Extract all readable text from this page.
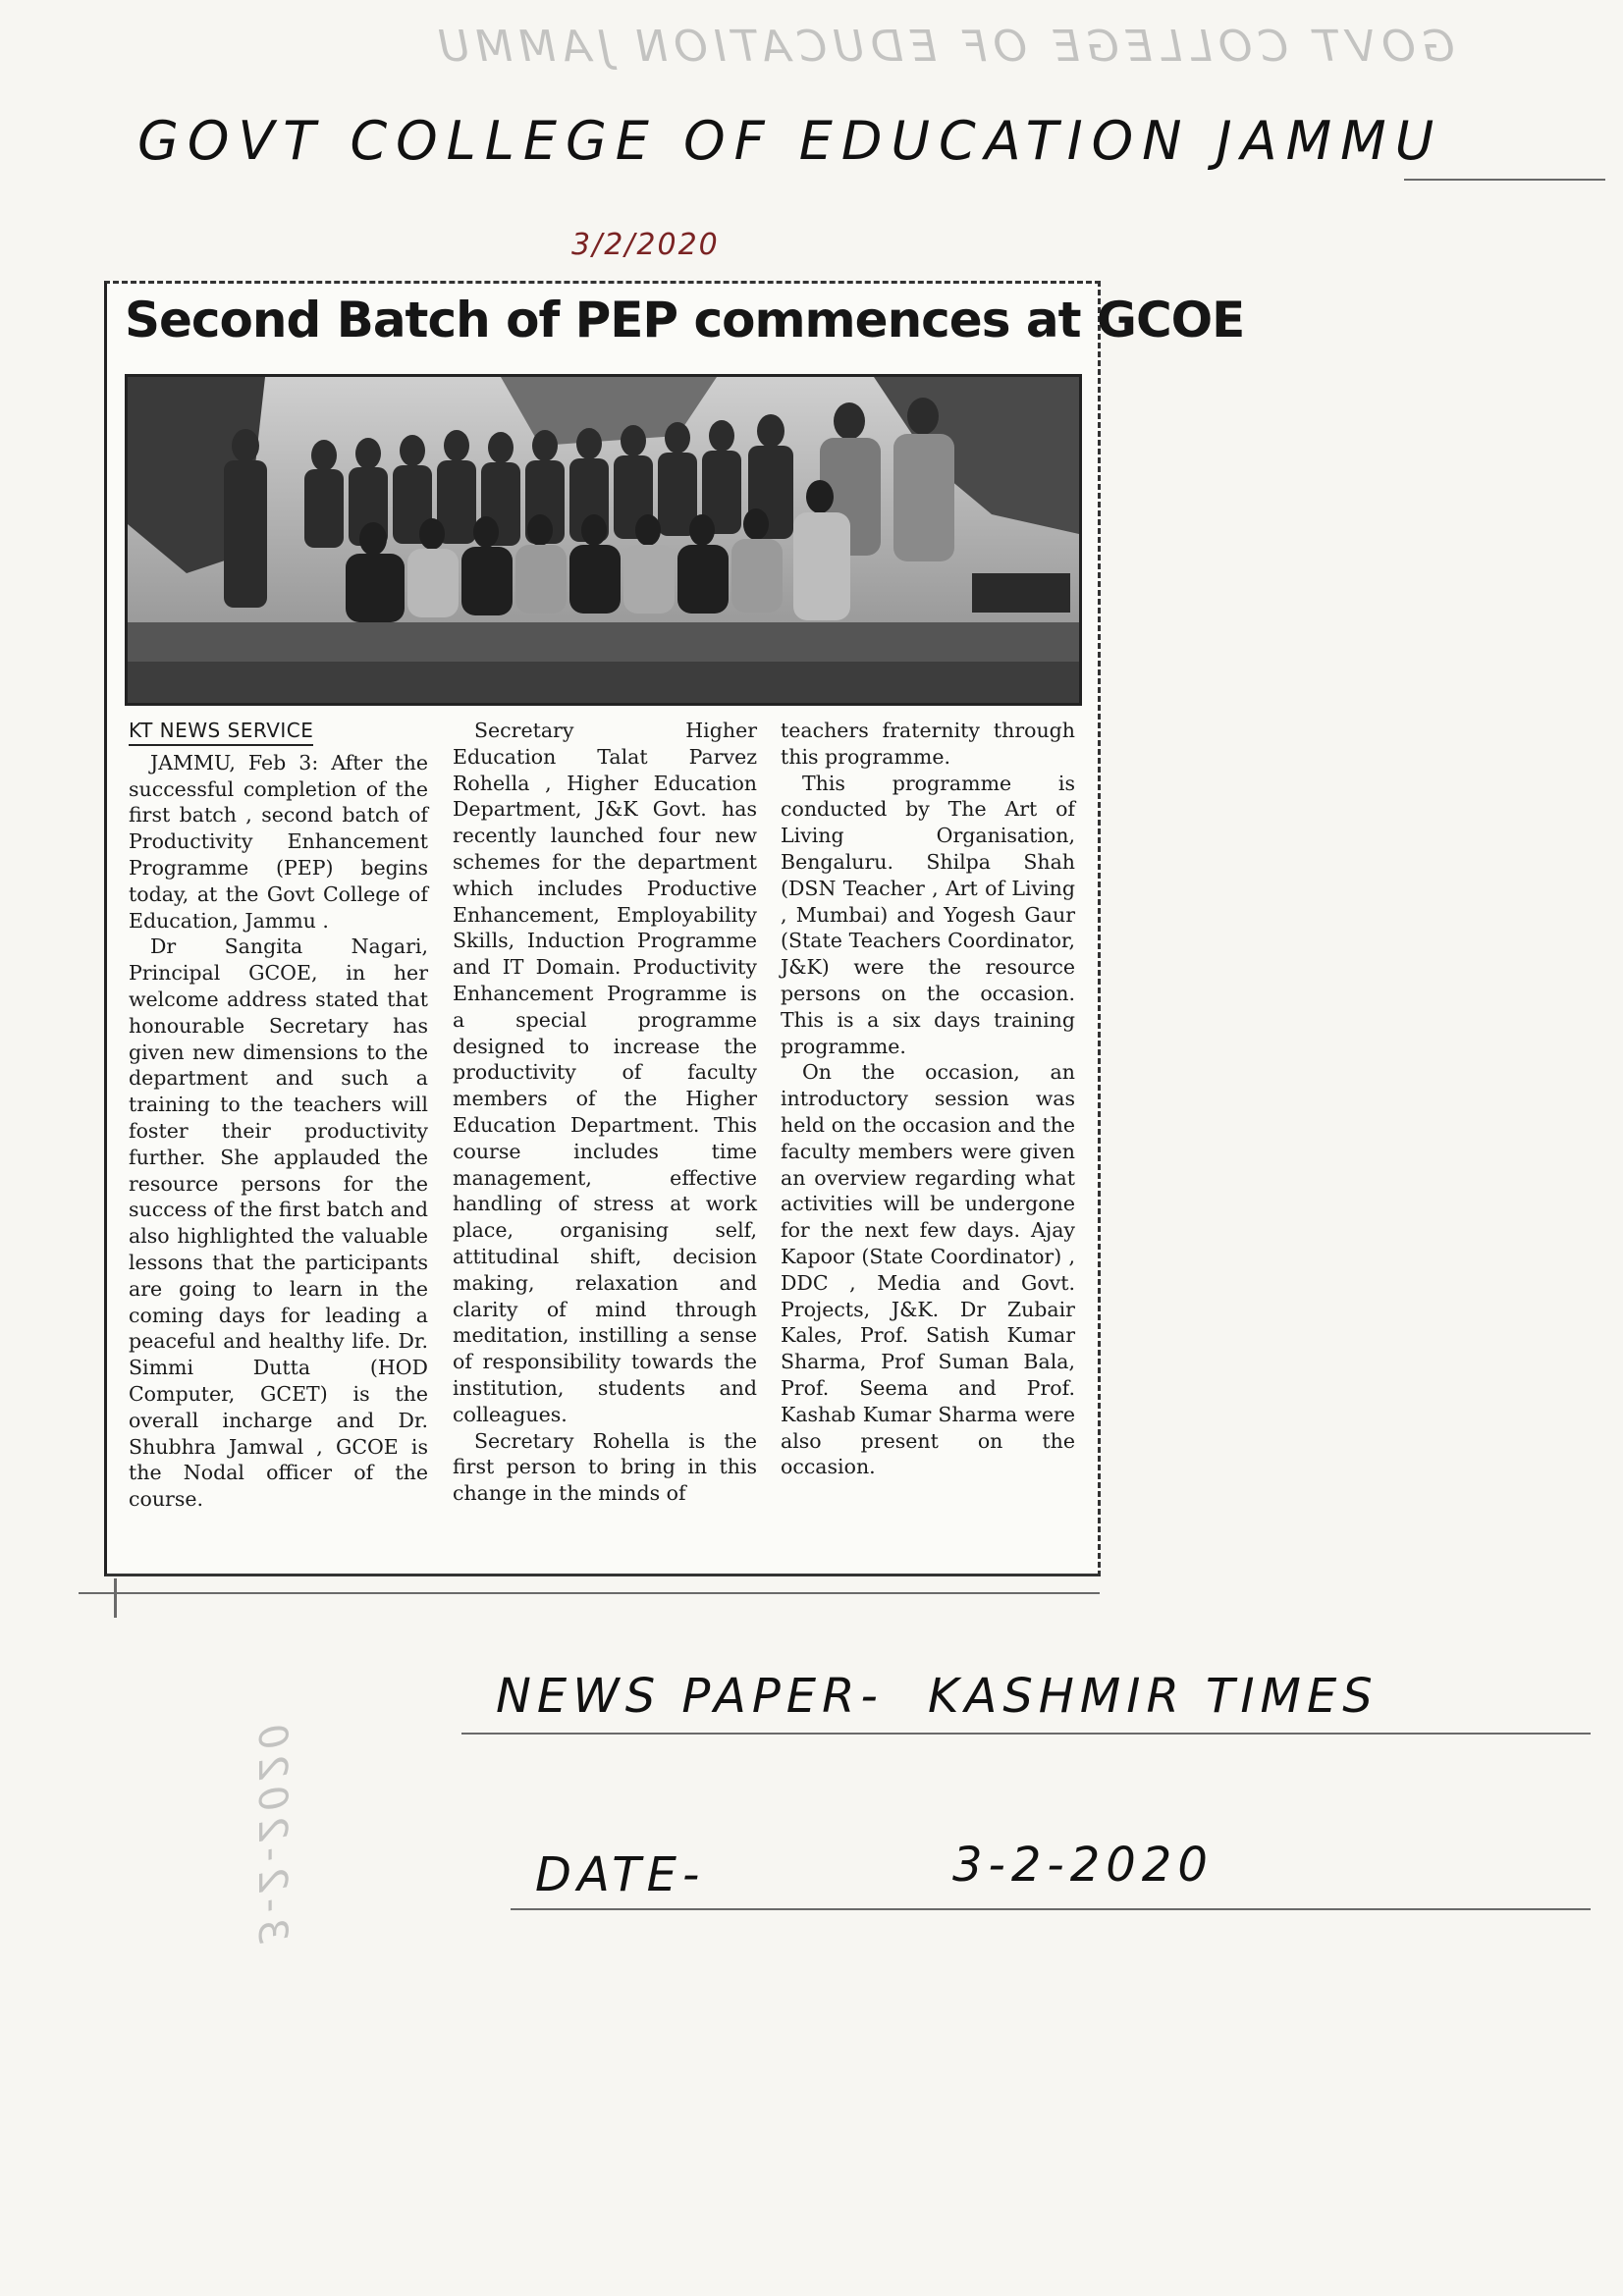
GOVT COLLEGE OF EDUCATION JAMMU
GOVT COLLEGE OF EDUCATION JAMMU
3/2/2020
Second Batch of PEP commences at GCOE
KT NEWS SERVICE

JAMMU, Feb 3: After the successful completion of the first batch , second batch of Productivity Enhancement Programme (PEP) begins today, at the Govt College of Education, Jammu .

Dr Sangita Nagari, Principal GCOE, in her welcome address stated that honourable Secretary has given new dimensions to the department and such a training to the teachers will foster their productivity further. She applauded the resource persons for the success of the first batch and also highlighted the valuable lessons that the participants are going to learn in the coming days for leading a peaceful and healthy life. Dr. Simmi Dutta (HOD Computer, GCET) is the overall incharge and Dr. Shubhra Jamwal , GCOE is the Nodal officer of the course.

Secretary Higher Education Talat Parvez Rohella , Higher Education Department, J&K Govt. has recently launched four new schemes for the department which includes Productive Enhancement, Employability Skills, Induction Programme and IT Domain. Productivity Enhancement Programme is a special programme designed to increase the productivity of faculty members of the Higher Education Department. This course includes time management, effective handling of stress at work place, organising self, attitudinal shift, decision making, relaxation and clarity of mind through meditation, instilling a sense of responsibility towards the institution, students and colleagues.

Secretary Rohella is the first person to bring in this change in the minds of

teachers fraternity through this programme.

This programme is conducted by The Art of Living Organisation, Bengaluru. Shilpa Shah (DSN Teacher , Art of Living , Mumbai) and Yogesh Gaur (State Teachers Coordinator, J&K) were the resource persons on the occasion. This is a six days training programme.

On the occasion, an introductory session was held on the occasion and the faculty members were given an overview regarding what activities will be undergone for the next few days. Ajay Kapoor (State Coordinator) , DDC , Media and Govt. Projects, J&K. Dr Zubair Kales, Prof. Satish Kumar Sharma, Prof Suman Bala, Prof. Seema and Prof. Kashab Kumar Sharma were also present on the occasion.

3-2-2020
NEWS PAPER- KASHMIR TIMES
DATE-	3-2-2020
